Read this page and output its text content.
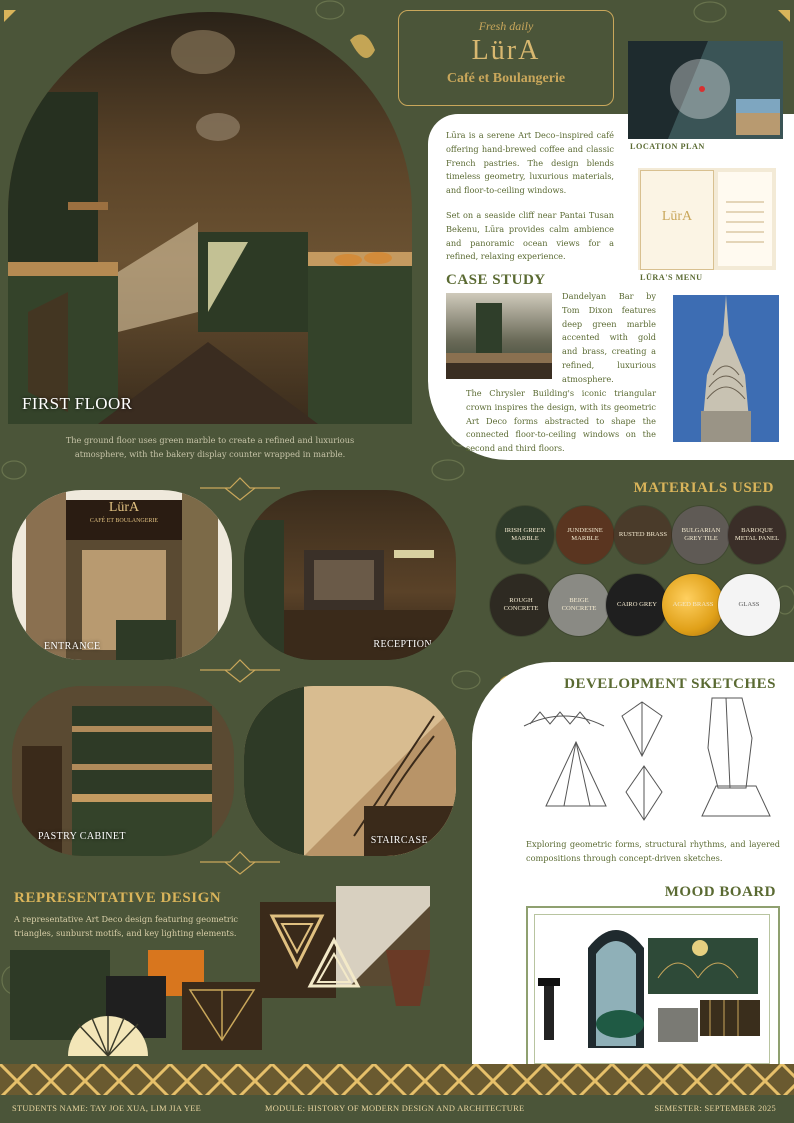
FIRST FLOOR
The ground floor uses green marble to create a refined and luxurious atmosphere, with the bakery display counter wrapped in marble.
Fresh daily
LürA
Café et Boulangerie
LOCATION PLAN
Lūra is a serene Art Deco–inspired café offering hand-brewed coffee and classic French pastries. The design blends timeless geometry, luxurious materials, and floor-to-ceiling windows.
Set on a seaside cliff near Pantai Tusan Bekenu, Lūra provides calm ambience and panoramic ocean views for a refined, relaxing experience.
LūrA
LŪRA'S MENU
CASE STUDY
Dandelyan Bar by Tom Dixon features deep green marble accented with gold and brass, creating a refined, luxurious atmosphere.
The Chrysler Building's iconic triangular crown inspires the design, with its geometric Art Deco forms abstracted to shape the connected floor-to-ceiling windows on the second and third floors.
MATERIALS USED
IRISH GREEN MARBLE
JUNDESINE MARBLE
RUSTED BRASS
BULGARIAN GREY TILE
BAROQUE METAL PANEL
ROUGH CONCRETE
BEIGE CONCRETE
CAIRO GREY	AGED BRASS	GLASS
LürA
CAFÉ ET BOULANGERIE
ENTRANCE	RECEPTION
PASTRY CABINET	STAIRCASE
DEVELOPMENT SKETCHES
Exploring geometric forms, structural rhythms, and layered compositions through concept-driven sketches.
MOOD BOARD
REPRESENTATIVE DESIGN
A representative Art Deco design featuring geometric triangles, sunburst motifs, and key lighting elements.
STUDENTS NAME: TAY JOE XUA, LIM JIA YEE	MODULE: HISTORY OF MODERN DESIGN AND ARCHITECTURE	SEMESTER: SEPTEMBER 2025
